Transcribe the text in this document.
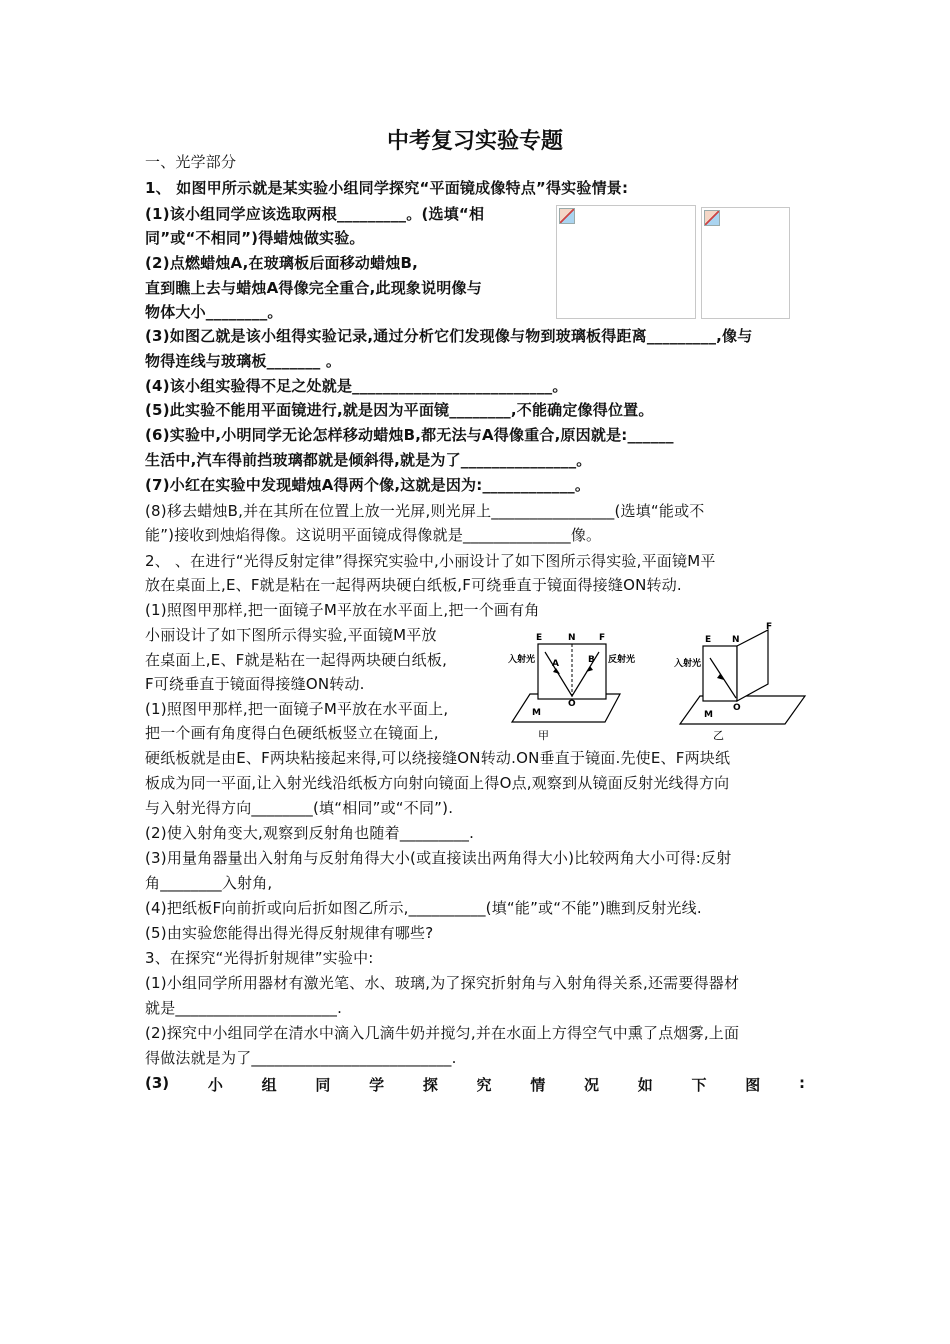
中考复习实验专题
一、光学部分
1、 如图甲所示就是某实验小组同学探究“平面镜成像特点”得实验情景:
(1)该小组同学应该选取两根_________。(选填“相
同”或“不相同”)得蜡烛做实验。
(2)点燃蜡烛A,在玻璃板后面移动蜡烛B,
直到瞧上去与蜡烛A得像完全重合,此现象说明像与
物体大小________。
(3)如图乙就是该小组得实验记录,通过分析它们发现像与物到玻璃板得距离_________,像与
物得连线与玻璃板_______ 。
(4)该小组实验得不足之处就是__________________________。
(5)此实验不能用平面镜进行,就是因为平面镜________,不能确定像得位置。
(6)实验中,小明同学无论怎样移动蜡烛B,都无法与A得像重合,原因就是:______
生活中,汽车得前挡玻璃都就是倾斜得,就是为了_______________。
(7)小红在实验中发现蜡烛A得两个像,这就是因为:____________。
(8)移去蜡烛B,并在其所在位置上放一光屏,则光屏上________________(选填“能或不
能”)接收到烛焰得像。这说明平面镜成得像就是______________像。
2、 、在进行“光得反射定律”得探究实验中,小丽设计了如下图所示得实验,平面镜M平
放在桌面上,E、F就是粘在一起得两块硬白纸板,F可绕垂直于镜面得接缝ON转动.
(1)照图甲那样,把一面镜子M平放在水平面上,把一个画有角
小丽设计了如下图所示得实验,平面镜M平放
在桌面上,E、F就是粘在一起得两块硬白纸板,
F可绕垂直于镜面得接缝ON转动.
(1)照图甲那样,把一面镜子M平放在水平面上,
把一个画有角度得白色硬纸板竖立在镜面上,
E	N	F
A	B
O
M
入射光	反射光
甲
E N
F
O
M
入射光
乙
硬纸板就是由E、F两块粘接起来得,可以绕接缝ON转动.ON垂直于镜面.先使E、F两块纸
板成为同一平面,让入射光线沿纸板方向射向镜面上得O点,观察到从镜面反射光线得方向
与入射光得方向________(填“相同”或“不同”).
(2)使入射角变大,观察到反射角也随着_________.
(3)用量角器量出入射角与反射角得大小(或直接读出两角得大小)比较两角大小可得:反射
角________入射角,
(4)把纸板F向前折或向后折如图乙所示,__________(填“能”或“不能”)瞧到反射光线.
(5)由实验您能得出得光得反射规律有哪些?
3、在探究“光得折射规律”实验中:
(1)小组同学所用器材有激光笔、水、玻璃,为了探究折射角与入射角得关系,还需要得器材
就是_____________________.
(2)探究中小组同学在清水中滴入几滴牛奶并搅匀,并在水面上方得空气中熏了点烟雾,上面
得做法就是为了__________________________.
(3)	小	组	同	学	探	究	情	况	如	下	图	:
